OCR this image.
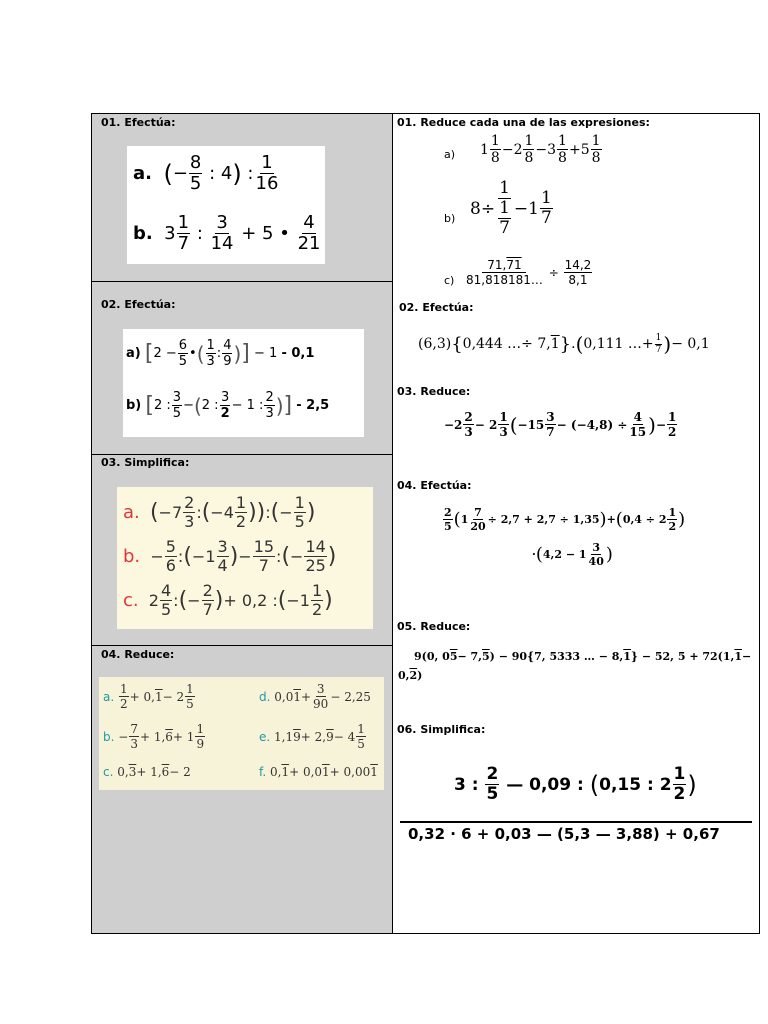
01. Efectúa:
a.
( − $\frac{8}{5}$ : 4 ) : $\frac{1}{16}$
b. $3 \frac{1}{7}$ : $\frac{3}{14} + 5$ • $\frac{4}{21}$
02. Efectúa:
a)
[ $2 - \frac{6}{5}$ • ( $\frac{1}{3}$ : $\frac{4}{9}$ ) ] − 1 - 0,1
b)
[ 2 : $\frac{3}{5}$ − ( 2 : $\frac{3}{2} - 1$ : $\frac{2}{3}$ ) ]
- 2,5
03. Simplifica:
a.
( $-7 \frac{2}{3}$ : ( $-4 \frac{1}{2}$ ) ) : ( − $\frac{1}{5}$ )
b. − $\frac{5}{6}$ : ( $-1 \frac{3}{4}$ ) − $\frac{15}{7}$ : ( − $\frac{14}{25}$ )
c. $2 \frac{4}{5}$ : ( − $\frac{2}{7}$ ) + 0,2 : ( $-1 \frac{1}{2}$ )
04. Reduce:
a.
$\frac{1}{2} + 0$, $1 - 2 \frac{1}{5}$
b. − $\frac{7}{3} + 1$, $6 + 1 \frac{1}{9}$
c. 0, 3 + 1, 6 − 2
d. 0,0 $1 + \frac{3}{90} - 2,25$
e. 1,1 9 + 2, $9 - 4 \frac{1}{5}$
f. 0, 1 + 0,0 1 + 0,00 1
01. Reduce cada una de las expresiones:
a) $1 \frac{1}{8} -2 \frac{1}{8} -3 \frac{1}{8} +5 \frac{1}{8}$
b) $8\div \frac{1}{\frac{1}{7}} -1 \frac{1}{7}$
$c) \frac{71,71}{81,818181\dots} \div \frac{14,2}{8,1}$
02. Efectúa:
(6,3) { 0,444 …÷ 7, 1 } . ( 0,111 …+ $\frac{1}{7}$ ) − 0,1
03. Reduce:
$-2 \frac{2}{3} - 2 \frac{1}{3}$ ( $-15 \frac{3}{7} - (-4,8) \div \frac{4}{15}$ ) − $\frac{1}{2}$
04. Efectúa:
$\frac{2}{5}$ ( $1 \frac{7}{20} \div 2,7 + 2,7 \div 1,35$ ) + ( $0,4 \div 2 \frac{1}{2}$ )
· ( $4,2 - 1 \frac{3}{40}$ )
05. Reduce:
9(0, 0 5 − 7, 5 ) − 90{7, 5333 … − 8, 1 } − 52, 5 + 72(1, 1 −
0, 2 )
06. Simplifica:
3 : $\frac{2}{5}$ — 0,09 : ( 0,15 : $2 \frac{1}{2}$ )
0,32 · 6 + 0,03 — (5,3 — 3,88) + 0,67
